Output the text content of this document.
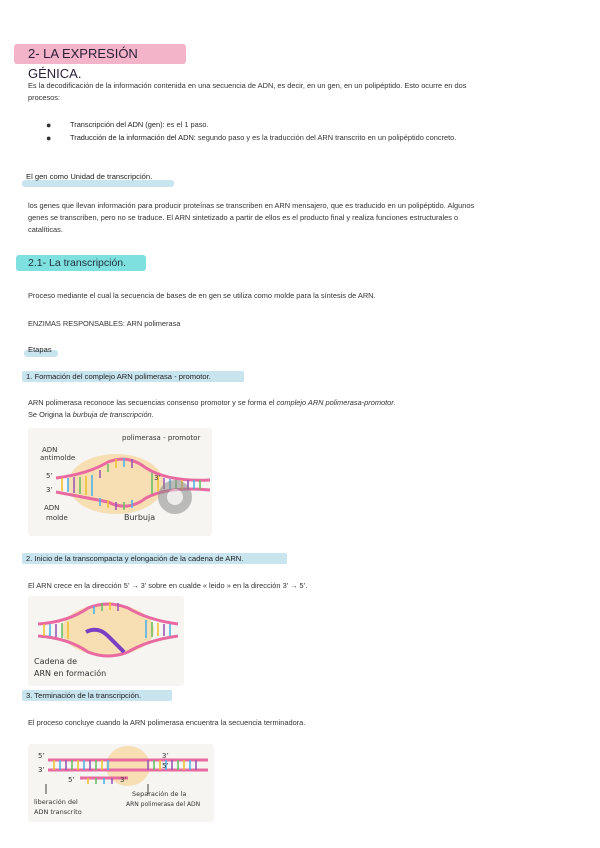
2- LA EXPRESIÓN GÉNICA.
Es la decodificación de la información contenida en una secuencia de ADN, es decir, en un gen, en un polipéptido. Esto ocurre en dos
procesos:
●	Transcripción del ADN (gen): es el 1 paso.
●	Traducción de la información del ADN: segundo paso y es la traducción del ARN transcrito en un polipéptido concreto.
El gen como Unidad de transcripción.
los genes que llevan información para producir proteínas se transcriben en ARN mensajero, que es traducido en un polipéptido. Algunos
genes se transcriben, pero no se traduce. El ARN sintetizado a partir de ellos es el producto final y realiza funciones estructurales o
catalíticas.
2.1- La transcripción.
Proceso mediante el cual la secuencia de bases de en gen se utiliza como molde para la síntesis de ARN.
ENZIMAS RESPONSABLES: ARN polimerasa
Etapas
1. Formación del complejo ARN polimerasa - promotor.
ARN polimerasa reconoce las secuencias consenso promotor y se forma el complejo ARN polimerasa-promotor.
Se Origina la burbuja de transcripción.
ADN
antimolde
polimerasa - promotor
5’
3’
3’
ADN
molde	Burbuja
2. Inicio de la transcompacta y elongación de la cadena de ARN.
El ARN crece en la dirección 5’ → 3’ sobre en cualde « leido » en la dirección 3’ → 5’.
Cadena de
ARN en formación
3. Terminación de la transcripción.
El proceso concluye cuando la ARN polimerasa encuentra la secuencia terminadora.
5’
3’
3’
5’
5’	3’
liberación del
ADN transcrito
Separación de la
ARN polimerasa del ADN
